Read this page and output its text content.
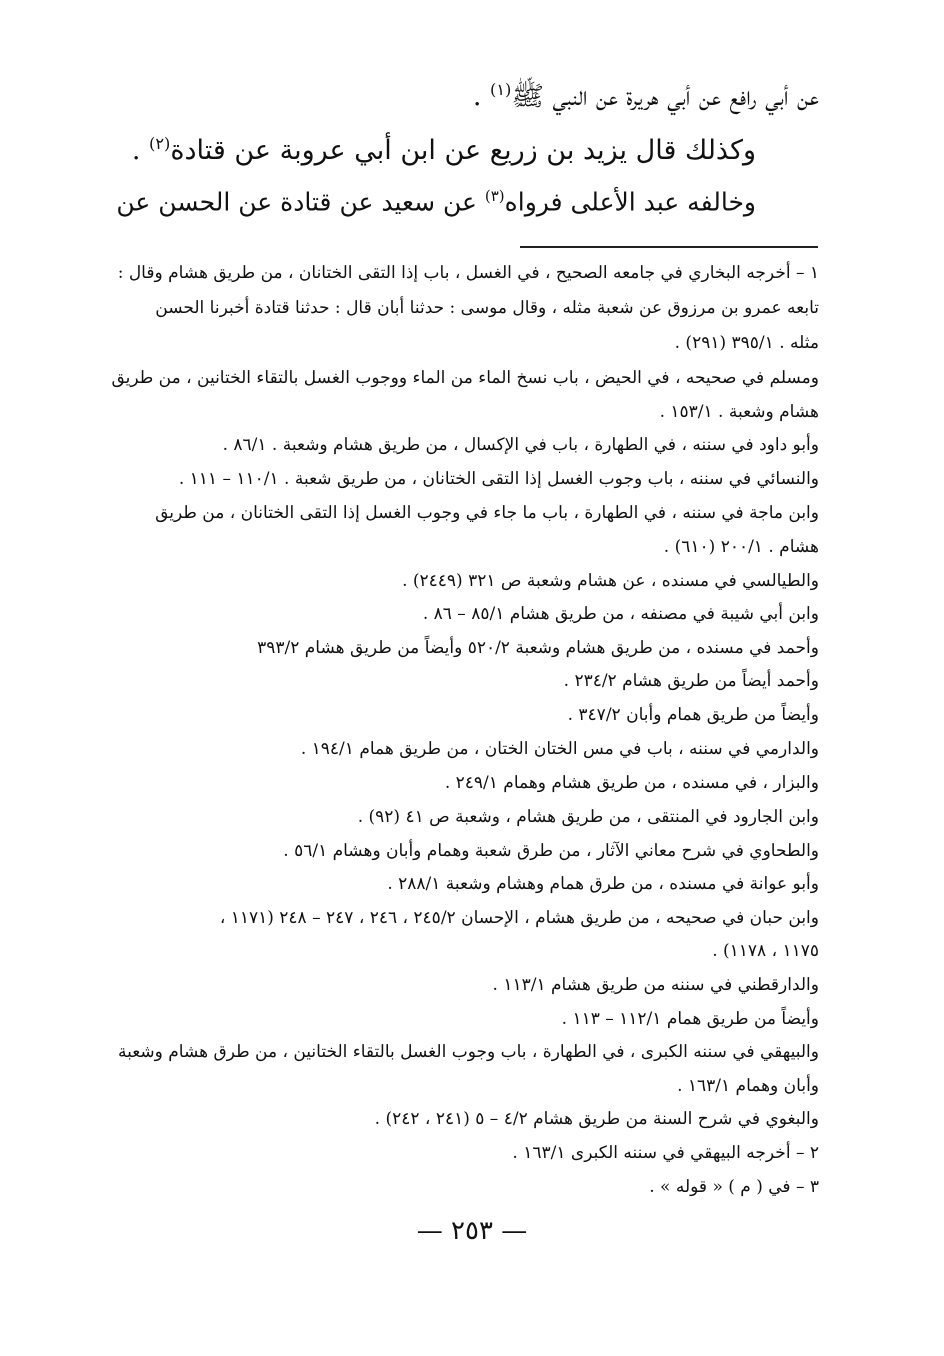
عن أبي رافع عن أبي هريرة عن النبي ﷺ$^{(١)}$ .
وكذلك قال يزيد بن زريع عن ابن أبي عروبة عن قتادة$^{(٢)}$ .
وخالفه عبد الأعلى فرواه$^{(٣)}$ عن سعيد عن قتادة عن الحسن عن
١ – أخرجه البخاري في جامعه الصحيح ، في الغسل ، باب إذا التقى الختانان ، من طريق هشام وقال :
تابعه عمرو بن مرزوق عن شعبة مثله ، وقال موسى : حدثنا أبان قال : حدثنا قتادة أخبرنا الحسن
مثله . ٣٩٥/١ (٢٩١) .
ومسلم في صحيحه ، في الحيض ، باب نسخ الماء من الماء ووجوب الغسل بالتقاء الختانين ، من طريق
هشام وشعبة . ١٥٣/١ .
وأبو داود في سننه ، في الطهارة ، باب في الإكسال ، من طريق هشام وشعبة . ٨٦/١ .
والنسائي في سننه ، باب وجوب الغسل إذا التقى الختانان ، من طريق شعبة . ١١٠/١ – ١١١ .
وابن ماجة في سننه ، في الطهارة ، باب ما جاء في وجوب الغسل إذا التقى الختانان ، من طريق
هشام . ٢٠٠/١ (٦١٠) .
والطيالسي في مسنده ، عن هشام وشعبة ص ٣٢١ (٢٤٤٩) .
وابن أبي شيبة في مصنفه ، من طريق هشام ٨٥/١ – ٨٦ .
وأحمد في مسنده ، من طريق هشام وشعبة ٥٢٠/٢ وأيضاً من طريق هشام ٣٩٣/٢
وأحمد أيضاً من طريق هشام ٢٣٤/٢ .
وأيضاً من طريق همام وأبان ٣٤٧/٢ .
والدارمي في سننه ، باب في مس الختان الختان ، من طريق همام ١٩٤/١ .
والبزار ، في مسنده ، من طريق هشام وهمام ٢٤٩/١ .
وابن الجارود في المنتقى ، من طريق هشام ، وشعبة ص ٤١ (٩٢) .
والطحاوي في شرح معاني الآثار ، من طرق شعبة وهمام وأبان وهشام ٥٦/١ .
وأبو عوانة في مسنده ، من طرق همام وهشام وشعبة ٢٨٨/١ .
وابن حبان في صحيحه ، من طريق هشام ، الإحسان ٢٤٥/٢ ، ٢٤٦ ، ٢٤٧ – ٢٤٨ (١١٧١ ،
١١٧٥ ، ١١٧٨) .
والدارقطني في سننه من طريق هشام ١١٣/١ .
وأيضاً من طريق همام ١١٢/١ – ١١٣ .
والبيهقي في سننه الكبرى ، في الطهارة ، باب وجوب الغسل بالتقاء الختانين ، من طرق هشام وشعبة
وأبان وهمام ١٦٣/١ .
والبغوي في شرح السنة من طريق هشام ٤/٢ – ٥ (٢٤١ ، ٢٤٢) .
٢ – أخرجه البيهقي في سننه الكبرى ١٦٣/١ .
٣ – في ( م ) « قوله » .
— ٢٥٣ —
